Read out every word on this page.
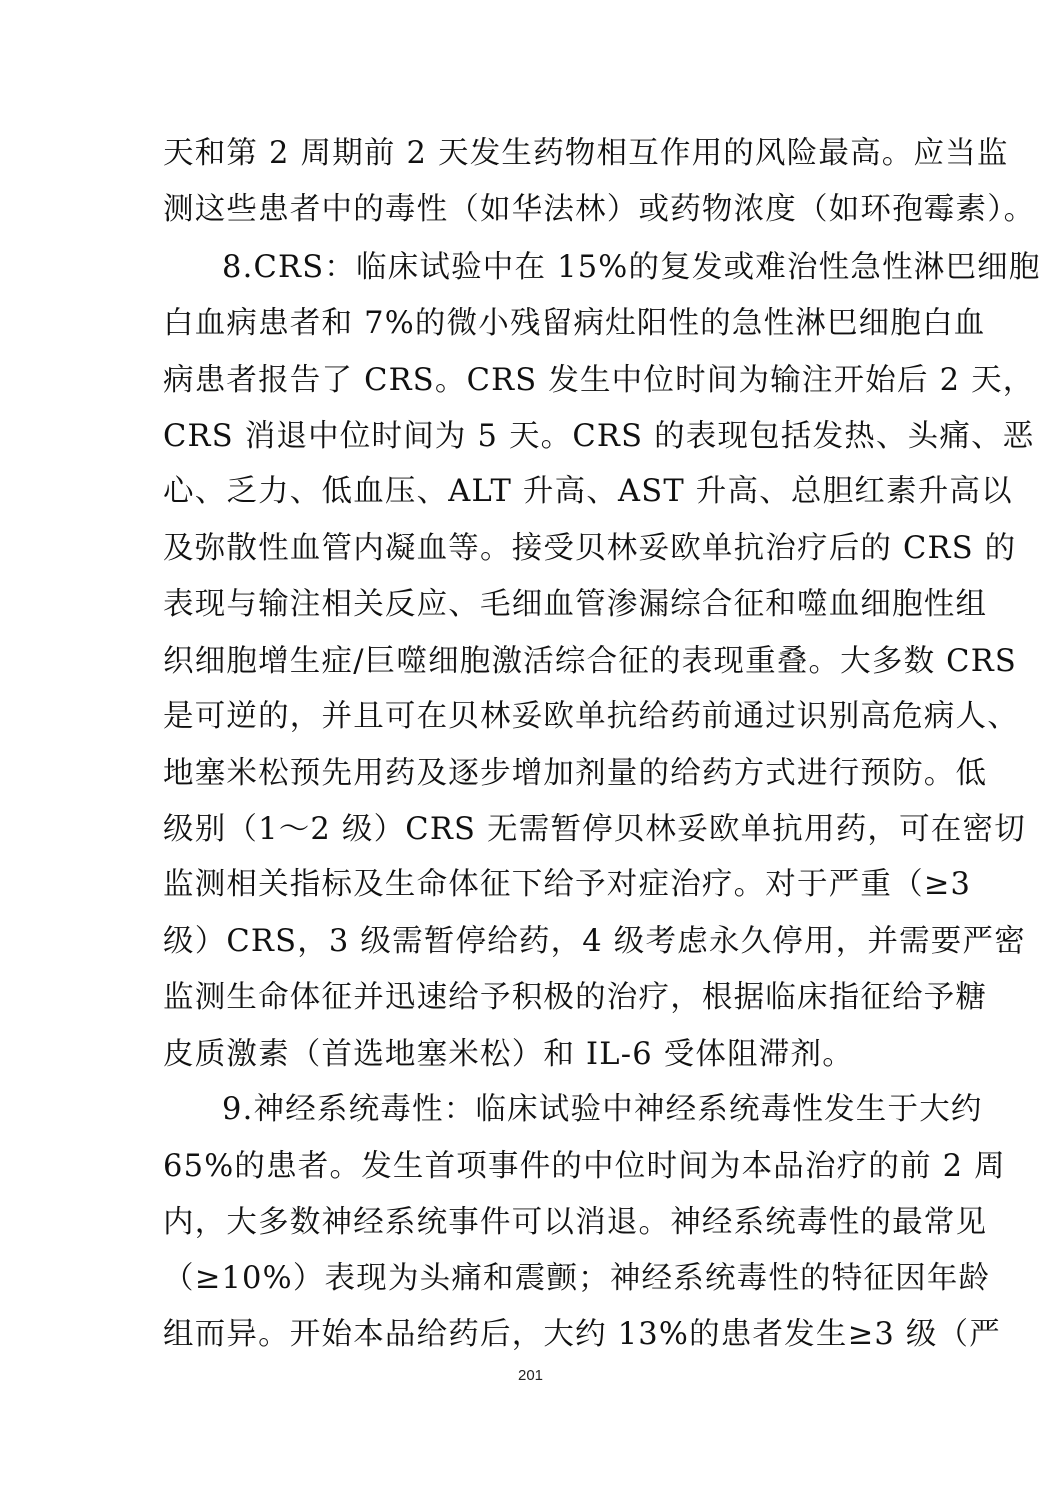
天和第 2 周期前 2 天发生药物相互作用的风险最高。应当监
测这些患者中的毒性（如华法林）或药物浓度（如环孢霉素）。
8.CRS：临床试验中在 15%的复发或难治性急性淋巴细胞
白血病患者和 7%的微小残留病灶阳性的急性淋巴细胞白血
病患者报告了 CRS。CRS 发生中位时间为输注开始后 2 天，
CRS 消退中位时间为 5 天。CRS 的表现包括发热、头痛、恶
心、乏力、低血压、ALT 升高、AST 升高、总胆红素升高以
及弥散性血管内凝血等。接受贝林妥欧单抗治疗后的 CRS 的
表现与输注相关反应、毛细血管渗漏综合征和噬血细胞性组
织细胞增生症/巨噬细胞激活综合征的表现重叠。大多数 CRS
是可逆的，并且可在贝林妥欧单抗给药前通过识别高危病人、
地塞米松预先用药及逐步增加剂量的给药方式进行预防。低
级别（1～2 级）CRS 无需暂停贝林妥欧单抗用药，可在密切
监测相关指标及生命体征下给予对症治疗。对于严重（≥3
级）CRS，3 级需暂停给药，4 级考虑永久停用，并需要严密
监测生命体征并迅速给予积极的治疗，根据临床指征给予糖
皮质激素（首选地塞米松）和 IL-6 受体阻滞剂。
9.神经系统毒性：临床试验中神经系统毒性发生于大约
65%的患者。发生首项事件的中位时间为本品治疗的前 2 周
内，大多数神经系统事件可以消退。神经系统毒性的最常见
（≥10%）表现为头痛和震颤；神经系统毒性的特征因年龄
组而异。开始本品给药后，大约 13%的患者发生≥3 级（严
201
